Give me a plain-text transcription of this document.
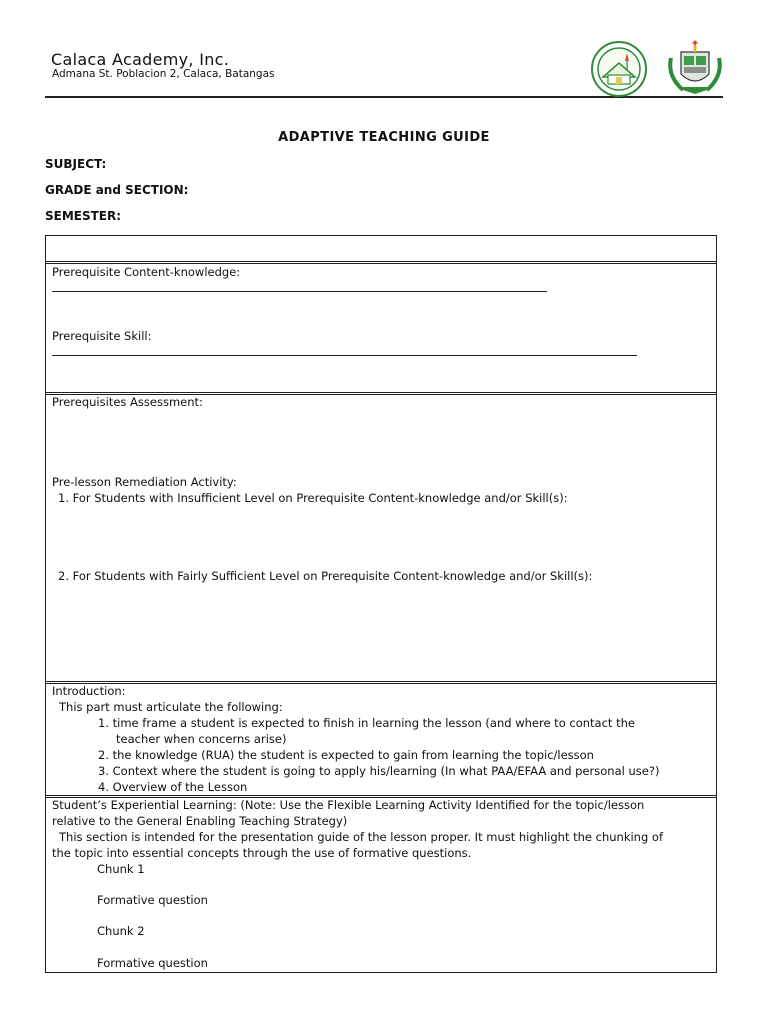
Calaca Academy, Inc.
Admana St. Poblacion 2, Calaca, Batangas
ADAPTIVE TEACHING GUIDE
SUBJECT:
GRADE and SECTION:
SEMESTER:
Prerequisite Content-knowledge:
Prerequisite Skill:
Prerequisites Assessment:
Pre-lesson Remediation Activity:
1. For Students with Insufficient Level on Prerequisite Content-knowledge and/or Skill(s):
2. For Students with Fairly Sufficient Level on Prerequisite Content-knowledge and/or Skill(s):
Introduction:
This part must articulate the following:
1. time frame a student is expected to finish in learning the lesson (and where to contact the
teacher when concerns arise)
2. the knowledge (RUA) the student is expected to gain from learning the topic/lesson
3. Context where the student is going to apply his/learning (In what PAA/EFAA and personal use?)
4. Overview of the Lesson
Student’s Experiential Learning: (Note: Use the Flexible Learning Activity Identified for the topic/lesson
relative to the General Enabling Teaching Strategy)
This section is intended for the presentation guide of the lesson proper. It must highlight the chunking of
the topic into essential concepts through the use of formative questions.
Chunk 1
Formative question
Chunk 2
Formative question
